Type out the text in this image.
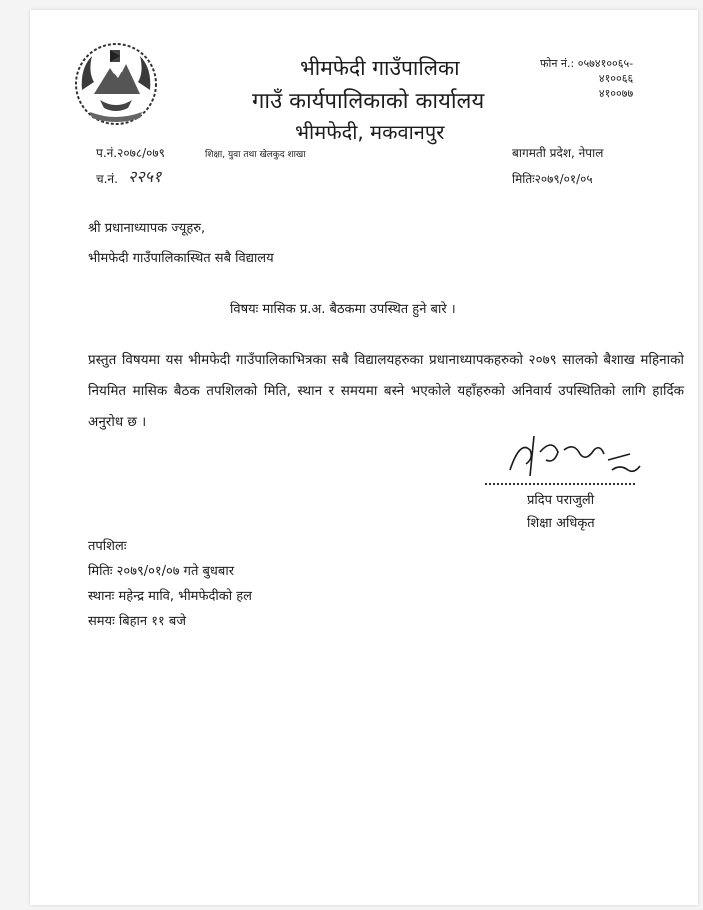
भीमफेदी गाउँपालिका
गाउँ कार्यपालिकाको कार्यालय
भीमफेदी, मकवानपुर
फोन नं.: ०५७४१००६५-
४१००६६
४१००७७
प.नं.२०७८/०७९	शिक्षा, युवा तथा खेलकुद शाखा	बागमती प्रदेश, नेपाल
च.नं. २२५१	मितिः२०७९/०१/०५
श्री प्रधानाध्यापक ज्यूहरु,
भीमफेदी गाउँपालिकास्थित सबै विद्यालय
विषयः मासिक प्र.अ. बैठकमा उपस्थित हुने बारे ।
प्रस्तुत विषयमा यस भीमफेदी गाउँपालिकाभित्रका सबै विद्यालयहरुका प्रधानाध्यापकहरुको २०७९ सालको बैशाख महिनाको नियमित मासिक बैठक तपशिलको मिति, स्थान र समयमा बस्ने भएकोले यहाँहरुको अनिवार्य उपस्थितिको लागि हार्दिक अनुरोध छ ।
प्रदिप पराजुली
शिक्षा अधिकृत
तपशिलः
मितिः २०७९/०१/०७ गते बुधबार
स्थानः महेन्द्र मावि, भीमफेदीको हल
समयः बिहान ११ बजे
